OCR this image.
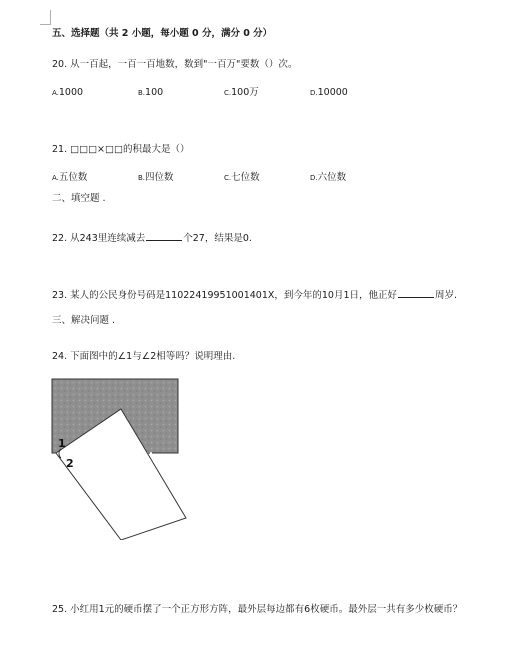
五、选择题（共 2 小题，每小题 0 分，满分 0 分）
20. 从一百起，一百一百地数，数到"一百万"要数（）次。
A.1000	B.100	C.100万	D.10000
21. □□□×□□的积最大是（）
A.五位数	B.四位数	C.七位数	D.六位数
二、填空题 .
22. 从243里连续减去	个27，结果是0.
23. 某人的公民身份号码是110224199510014​01X，到今年的10月1日，他正好	周岁.
三、解决问题 .
24. 下面图中的∠1与∠2相等吗？说明理由.
1
2
25. 小红用1元的硬币摆了一个正方形方阵，最外层每边都有6枚硬币。最外层一共有多少枚硬币？
